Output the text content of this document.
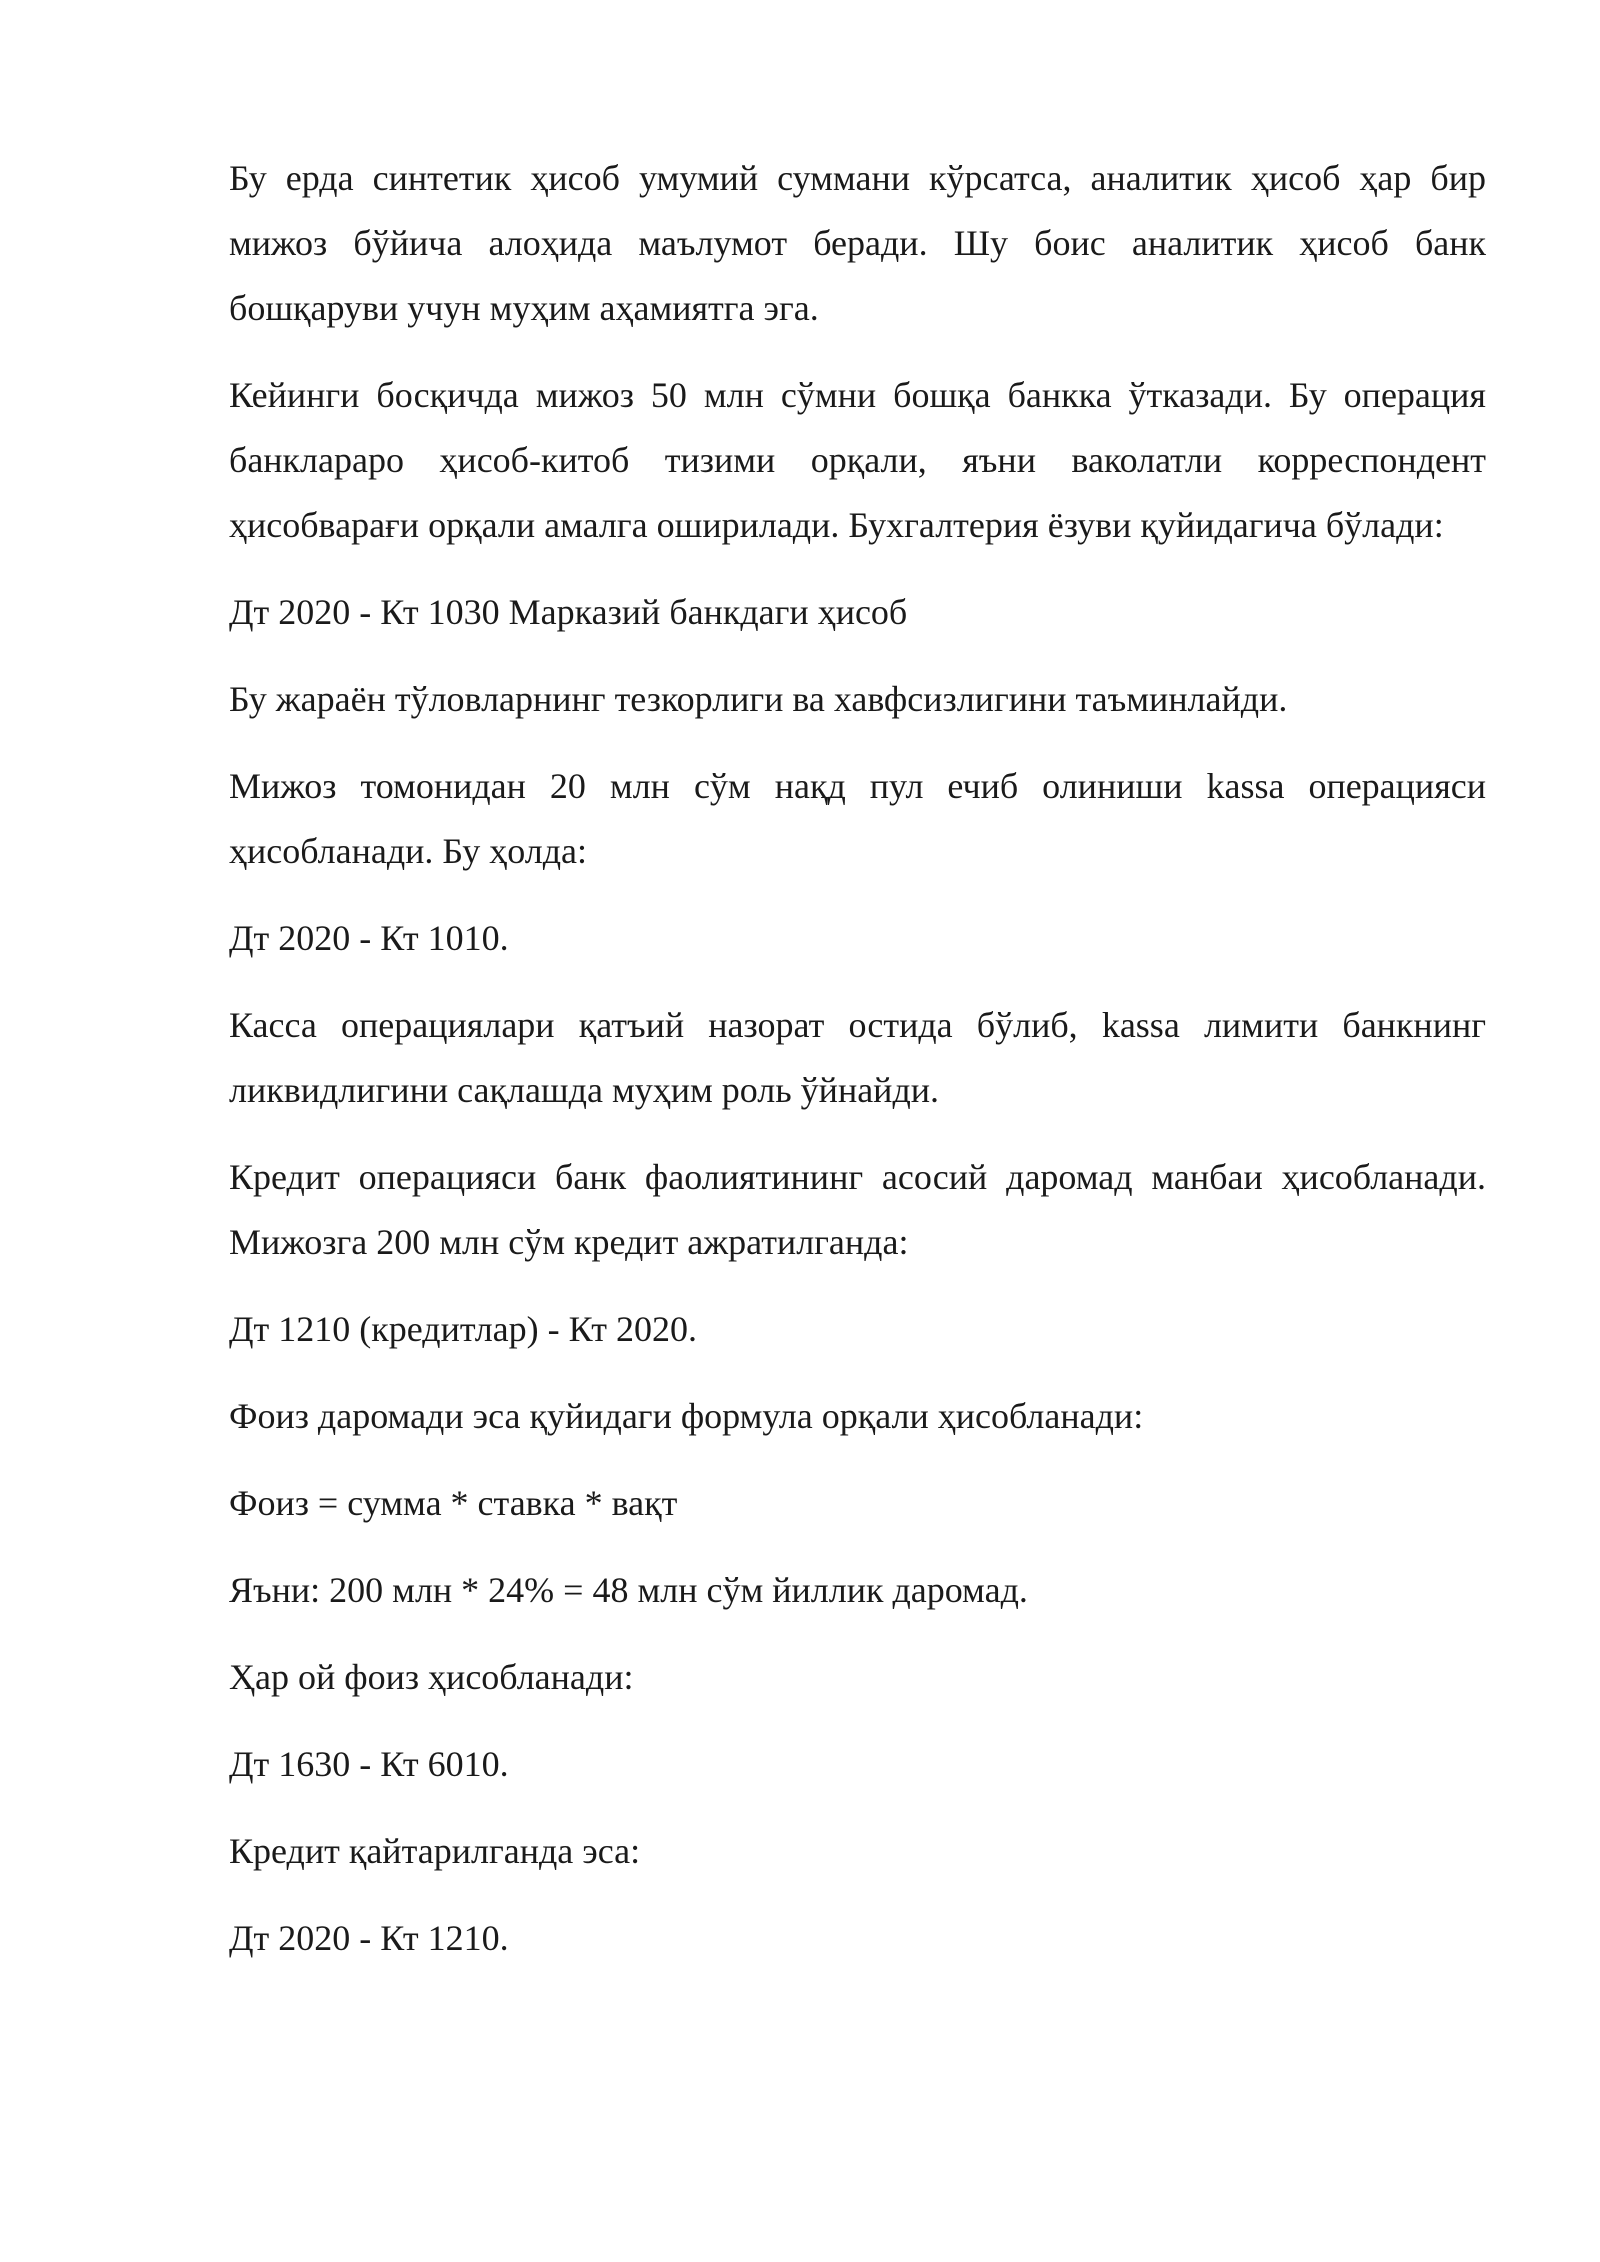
Бу ерда синтетик ҳисоб умумий суммани кўрсатса, аналитик ҳисоб ҳар бир мижоз бўйича алоҳида маълумот беради. Шу боис аналитик ҳисоб банк бошқаруви учун муҳим аҳамиятга эга.

Кейинги босқичда мижоз 50 млн сўмни бошқа банкка ўтказади. Бу операция банклараро ҳисоб-китоб тизими орқали, яъни ваколатли корреспондент ҳисобварағи орқали амалга оширилади. Бухгалтерия ёзуви қуйидагича бўлади:

Дт 2020 - Кт 1030 Марказий банкдаги ҳисоб

Бу жараён тўловларнинг тезкорлиги ва хавфсизлигини таъминлайди.

Мижоз томонидан 20 млн сўм нақд пул ечиб олиниши kassa операцияси ҳисобланади. Бу ҳолда:

Дт 2020 - Кт 1010.

Касса операциялари қатъий назорат остида бўлиб, kassa лимити банкнинг ликвидлигини сақлашда муҳим роль ўйнайди.

Кредит операцияси банк фаолиятининг асосий даромад манбаи ҳисобланади. Мижозга 200 млн сўм кредит ажратилганда:

Дт 1210 (кредитлар) - Кт 2020.

Фоиз даромади эса қуйидаги формула орқали ҳисобланади:

Фоиз = сумма * ставка * вақт

Яъни: 200 млн * 24% = 48 млн сўм йиллик даромад.

Ҳар ой фоиз ҳисобланади:

Дт 1630 - Кт 6010.

Кредит қайтарилганда эса:

Дт 2020 - Кт 1210.
